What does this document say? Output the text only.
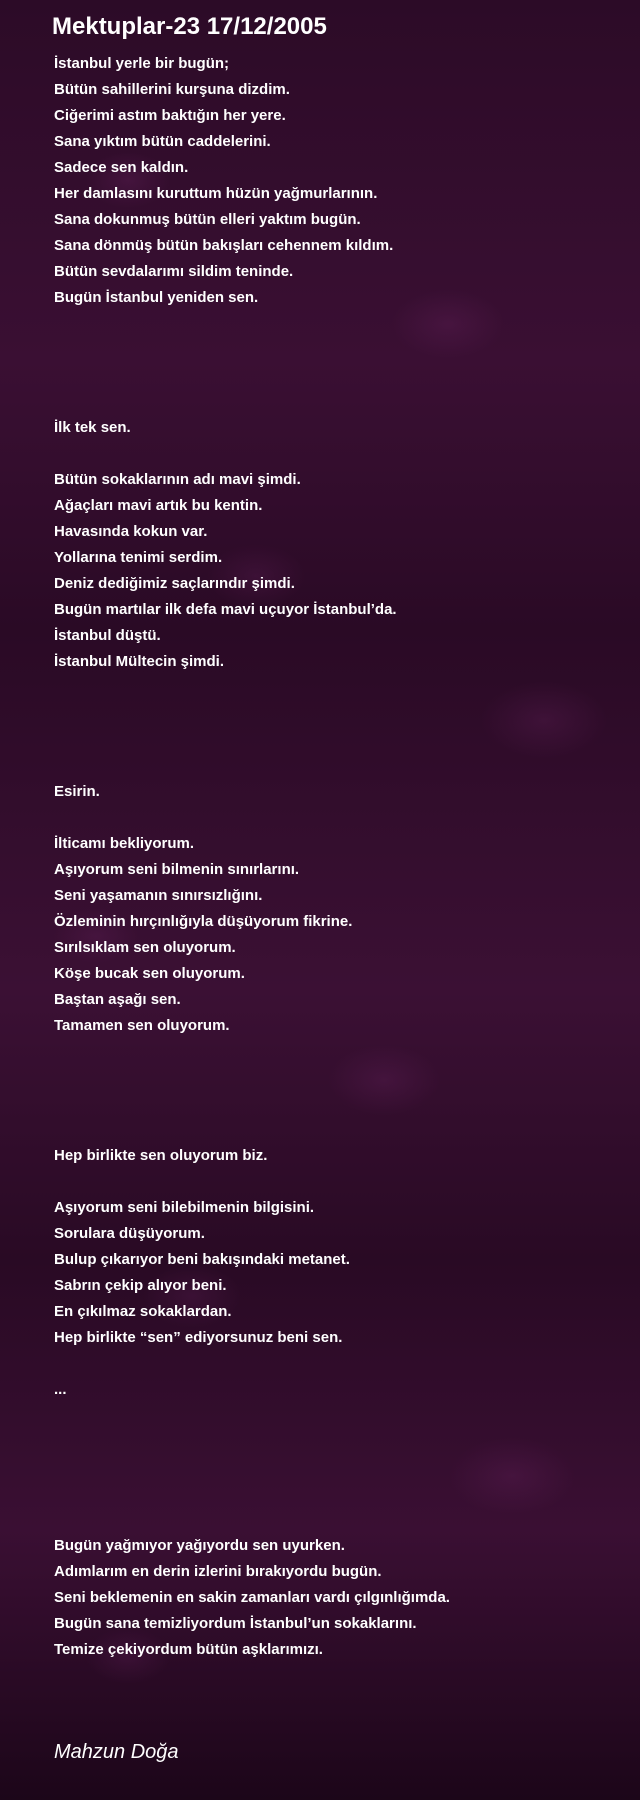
Mektuplar-23 17/12/2005
İstanbul yerle bir bugün;
Bütün sahillerini kurşuna dizdim.
Ciğerimi astım baktığın her yere.
Sana yıktım bütün caddelerini.
Sadece sen kaldın.
Her damlasını kuruttum hüzün yağmurlarının.
Sana dokunmuş bütün elleri yaktım bugün.
Sana dönmüş bütün bakışları cehennem kıldım.
Bütün sevdalarımı sildim teninde.
Bugün İstanbul yeniden sen.
İlk tek sen.
Bütün sokaklarının adı mavi şimdi.
Ağaçları mavi artık bu kentin.
Havasında kokun var.
Yollarına tenimi serdim.
Deniz dediğimiz saçlarındır şimdi.
Bugün martılar ilk defa mavi uçuyor İstanbul’da.
İstanbul düştü.
İstanbul Mültecin şimdi.
Esirin.
İlticamı bekliyorum.
Aşıyorum seni bilmenin sınırlarını.
Seni yaşamanın sınırsızlığını.
Özleminin hırçınlığıyla düşüyorum fikrine.
Sırılsıklam sen oluyorum.
Köşe bucak sen oluyorum.
Baştan aşağı sen.
Tamamen sen oluyorum.
Hep birlikte sen oluyorum biz.
Aşıyorum seni bilebilmenin bilgisini.
Sorulara düşüyorum.
Bulup çıkarıyor beni bakışındaki metanet.
Sabrın çekip alıyor beni.
En çıkılmaz sokaklardan.
Hep birlikte “sen” ediyorsunuz beni sen.
...
Bugün yağmıyor yağıyordu sen uyurken.
Adımlarım en derin izlerini bırakıyordu bugün.
Seni beklemenin en sakin zamanları vardı çılgınlığımda.
Bugün sana temizliyordum İstanbul’un sokaklarını.
Temize çekiyordum bütün aşklarımızı.
Mahzun Doğa
